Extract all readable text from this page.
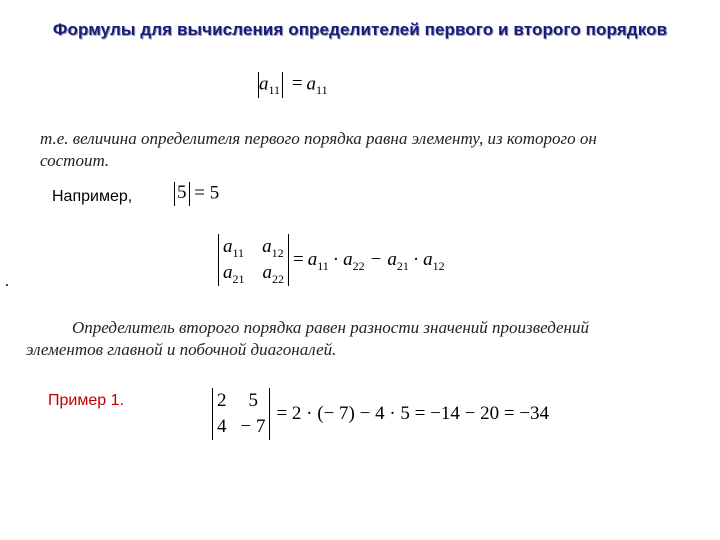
Формулы для вычисления определителей первого и второго порядков
$a_{11} = a_{11}$
т.е. величина определителя первого порядка равна элементу, из которого он
состоит.
Например, 5 = 5
$a_{11}$ $a_{12}$
$a_{21}$ $a_{22}$
= $a_{11} \cdot a_{22} - a_{21} \cdot a_{12}$
Определитель второго порядка равен разности значений произведений
элементов главной и побочной диагоналей.
Пример 1.	2 5
4 − 7
= 2 · (− 7) − 4 · 5 = −14 − 20 = −34
